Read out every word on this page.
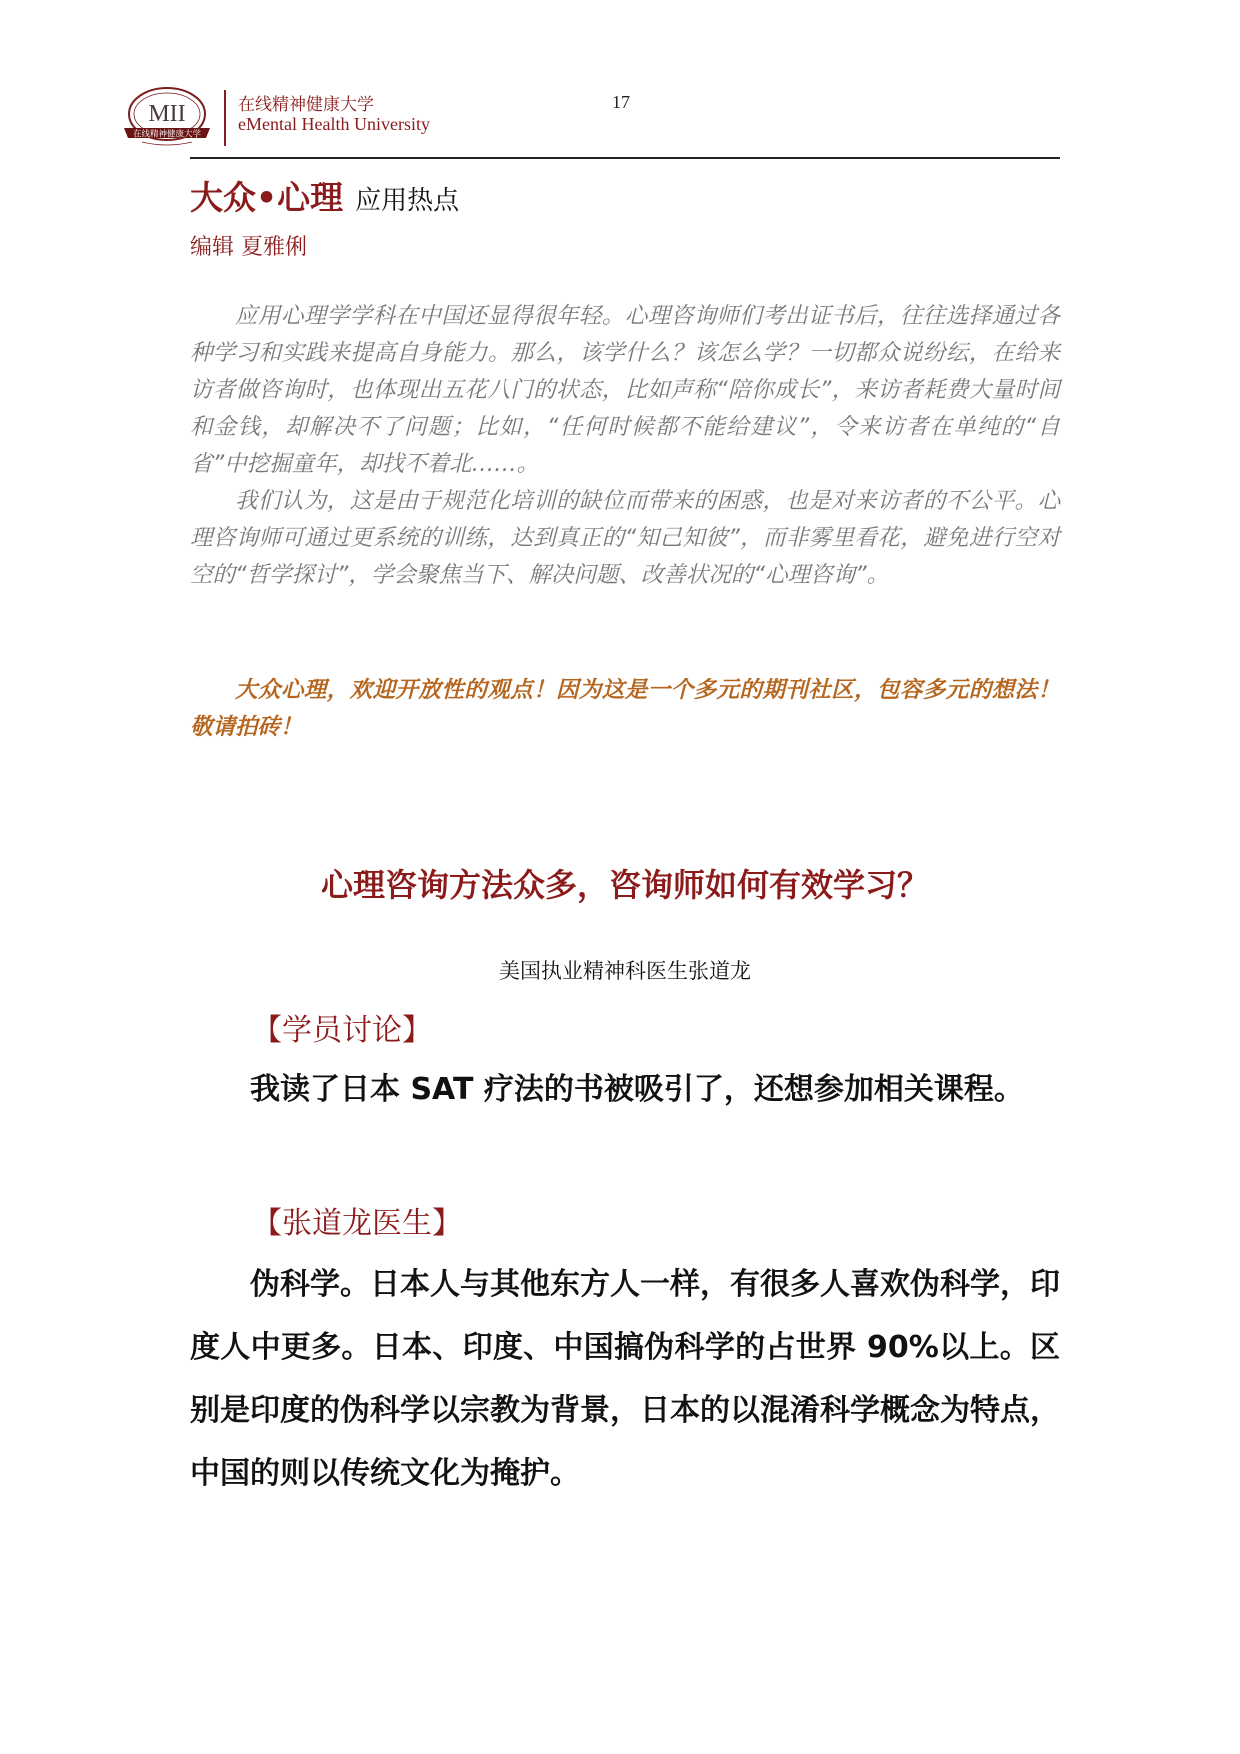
MII
在线精神健康大学
在线精神健康大学
eMental Health University
17
大众•心理 应用热点
编辑 夏雅俐

应用心理学学科在中国还显得很年轻。心理咨询师们考出证书后，往往选择通过各种学习和实践来提高自身能力。那么，该学什么？该怎么学？一切都众说纷纭，在给来访者做咨询时，也体现出五花八门的状态，比如声称“陪你成长”，来访者耗费大量时间和金钱，却解决不了问题；比如，“任何时候都不能给建议”，令来访者在单纯的“自省”中挖掘童年，却找不着北……。

我们认为，这是由于规范化培训的缺位而带来的困惑，也是对来访者的不公平。心理咨询师可通过更系统的训练，达到真正的“知己知彼”，而非雾里看花，避免进行空对空的“哲学探讨”，学会聚焦当下、解决问题、改善状况的“心理咨询”。

大众心理，欢迎开放性的观点！因为这是一个多元的期刊社区，包容多元的想法！敬请拍砖！

心理咨询方法众多，咨询师如何有效学习？

美国执业精神科医生张道龙

【学员讨论】

我读了日本 SAT 疗法的书被吸引了，还想参加相关课程。

【张道龙医生】

伪科学。日本人与其他东方人一样，有很多人喜欢伪科学，印度人中更多。日本、印度、中国搞伪科学的占世界 90%以上。区别是印度的伪科学以宗教为背景，日本的以混淆科学概念为特点，中国的则以传统文化为掩护。
